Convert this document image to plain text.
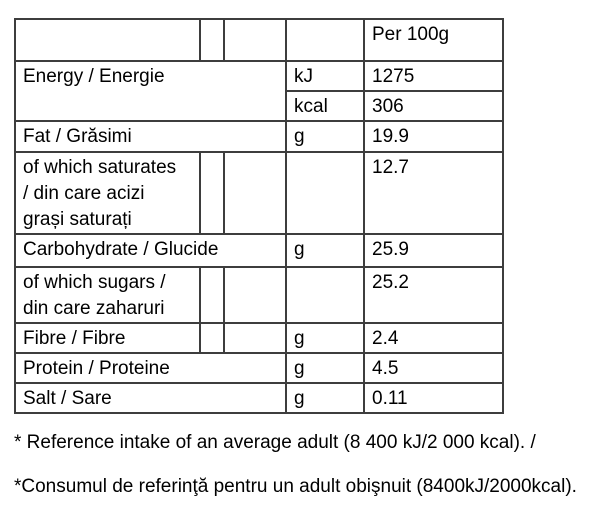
				Per 100g
Energy / Energie			kJ	1275
			kcal	306
Fat / Grăsimi			g	19.9

of which saturates
/ din care acizi
grași saturați				12.7
Carbohydrate / Glucide			g	25.9

of which sugars /
din care zaharuri				25.2
Fibre / Fibre			g	2.4
Protein / Proteine			g	4.5
Salt / Sare			g	0.11
* Reference intake of an average adult (8 400 kJ/2 000 kcal). /
*Consumul de referinţă pentru un adult obişnuit (8400kJ/2000kcal).
